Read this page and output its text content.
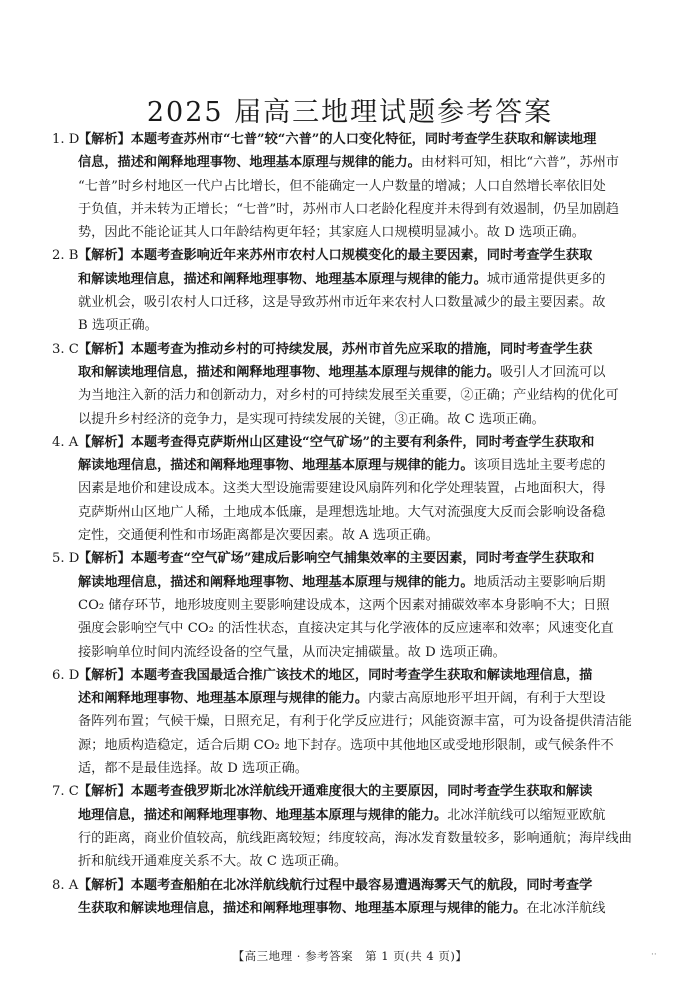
2025 届高三地理试题参考答案
1. D
【解析】本题考查苏州市“七普”较“六普”的人口变化特征，同时考查学生获取和解读地理
信息，描述和阐释地理事物、地理基本原理与规律的能力。由材料可知，相比“六普”，苏州市
“七普”时乡村地区一代户占比增长，但不能确定一人户数量的增减；人口自然增长率依旧处
于负值，并未转为正增长；“七普”时，苏州市人口老龄化程度并未得到有效遏制，仍呈加剧趋
势，因此不能论证其人口年龄结构更年轻；其家庭人口规模明显减小。故 D 选项正确。
2. B 【解析】本题考查影响近年来苏州市农村人口规模变化的最主要因素，同时考查学生获取
和解读地理信息，描述和阐释地理事物、地理基本原理与规律的能力。城市通常提供更多的
就业机会，吸引农村人口迁移，这是导致苏州市近年来农村人口数量减少的最主要因素。故
B 选项正确。
3. C 【解析】本题考查为推动乡村的可持续发展，苏州市首先应采取的措施，同时考查学生获
取和解读地理信息，描述和阐释地理事物、地理基本原理与规律的能力。吸引人才回流可以
为当地注入新的活力和创新动力，对乡村的可持续发展至关重要，②正确；产业结构的优化可
以提升乡村经济的竞争力，是实现可持续发展的关键，③正确。故 C 选项正确。
4. A 【解析】本题考查得克萨斯州山区建设“空气矿场”的主要有利条件，同时考查学生获取和
解读地理信息，描述和阐释地理事物、地理基本原理与规律的能力。该项目选址主要考虑的
因素是地价和建设成本。这类大型设施需要建设风扇阵列和化学处理装置，占地面积大，得
克萨斯州山区地广人稀，土地成本低廉，是理想选址地。大气对流强度大反而会影响设备稳
定性，交通便利性和市场距离都是次要因素。故 A 选项正确。
5. D
【解析】本题考查“空气矿场”建成后影响空气捕集效率的主要因素，同时考查学生获取和
解读地理信息，描述和阐释地理事物、地理基本原理与规律的能力。地质活动主要影响后期
CO₂ 储存环节，地形坡度则主要影响建设成本，这两个因素对捕碳效率本身影响不大；日照
强度会影响空气中 CO₂ 的活性状态，直接决定其与化学液体的反应速率和效率；风速变化直
接影响单位时间内流经设备的空气量，从而决定捕碳量。故 D 选项正确。
6. D
【解析】本题考查我国最适合推广该技术的地区，同时考查学生获取和解读地理信息，描
述和阐释地理事物、地理基本原理与规律的能力。内蒙古高原地形平坦开阔，有利于大型设
备阵列布置；气候干燥，日照充足，有利于化学反应进行；风能资源丰富，可为设备提供清洁能
源；地质构造稳定，适合后期 CO₂ 地下封存。选项中其他地区或受地形限制，或气候条件不
适，都不是最佳选择。故 D 选项正确。
7. C 【解析】本题考查俄罗斯北冰洋航线开通难度很大的主要原因，同时考查学生获取和解读
地理信息，描述和阐释地理事物、地理基本原理与规律的能力。北冰洋航线可以缩短亚欧航
行的距离，商业价值较高，航线距离较短；纬度较高，海冰发育数量较多，影响通航；海岸线曲
折和航线开通难度关系不大。故 C 选项正确。
8. A 【解析】本题考查船舶在北冰洋航线航行过程中最容易遭遇海雾天气的航段，同时考查学
生获取和解读地理信息，描述和阐释地理事物、地理基本原理与规律的能力。在北冰洋航线
【高三地理 · 参考答案　第 1 页(共 4 页)】	··
